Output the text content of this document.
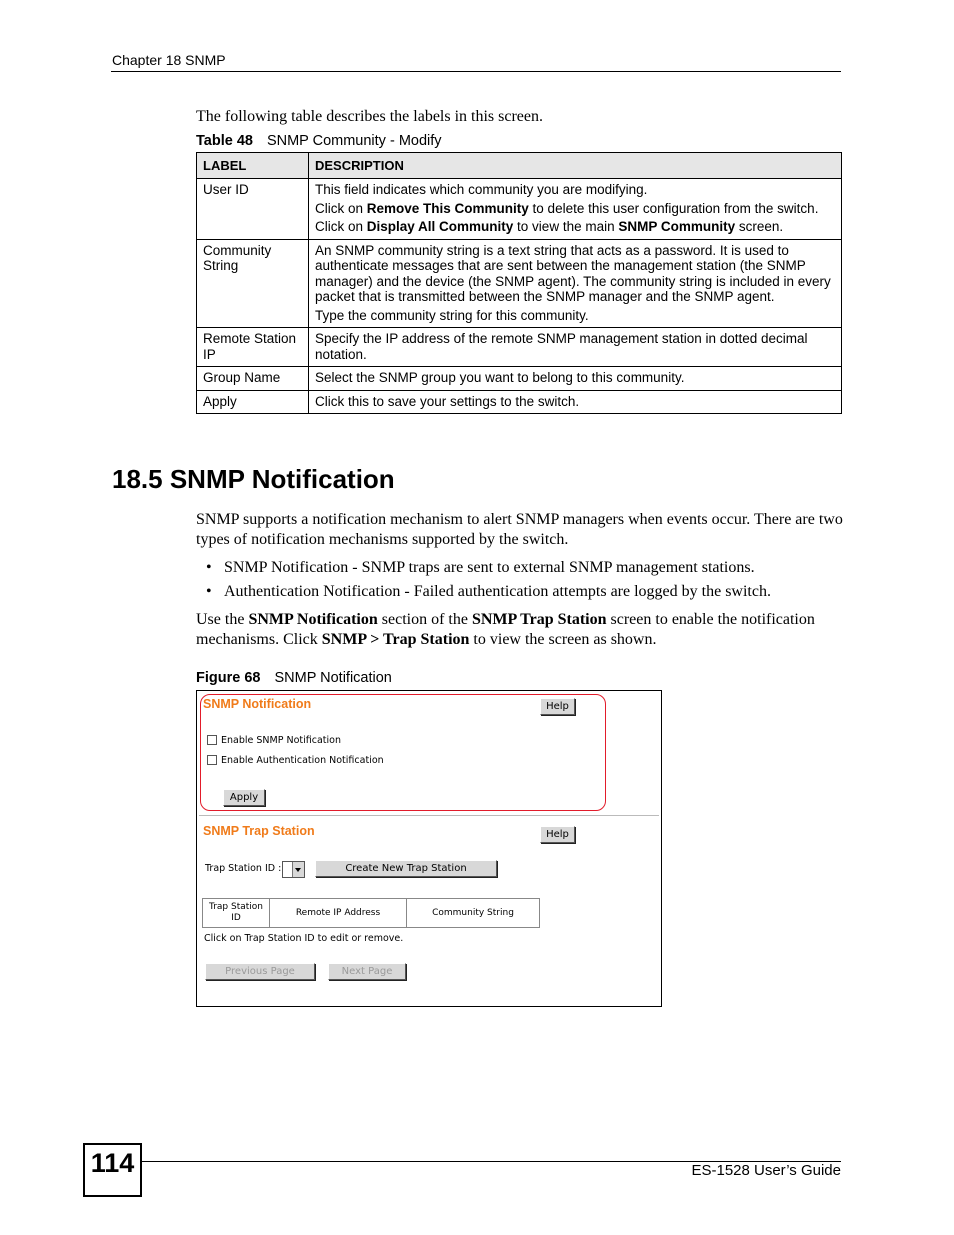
Chapter 18 SNMP
The following table describes the labels in this screen.
Table 48 SNMP Community - Modify
LABEL	DESCRIPTION
User ID	This field indicates which community you are modifying.

Click on Remove This Community to delete this user configuration from the switch.

Click on Display All Community to view the main SNMP Community screen.

Community String	An SNMP community string is a text string that acts as a password. It is used to authenticate messages that are sent between the management station (the SNMP manager) and the device (the SNMP agent). The community string is included in every packet that is transmitted between the SNMP manager and the SNMP agent.

Type the community string for this community.

Remote Station IP	Specify the IP address of the remote SNMP management station in dotted decimal notation.

Group Name	Select the SNMP group you want to belong to this community.

Apply	Click this to save your settings to the switch.

18.5 SNMP Notification
SNMP supports a notification mechanism to alert SNMP managers when events occur. There are two types of notification mechanisms supported by the switch.
• SNMP Notification - SNMP traps are sent to external SNMP management stations.
• Authentication Notification - Failed authentication attempts are logged by the switch.
Use the SNMP Notification section of the SNMP Trap Station screen to enable the notification mechanisms. Click SNMP > Trap Station to view the screen as shown.
Figure 68 SNMP Notification
SNMP Notification	Help
Enable SNMP Notification
Enable Authentication Notification
Apply
SNMP Trap Station	Help
Trap Station ID :	Create New Trap Station
Trap Station ID	Remote IP Address	Community String
Click on Trap Station ID to edit or remove.
Previous Page	Next Page
114	ES-1528 User’s Guide
